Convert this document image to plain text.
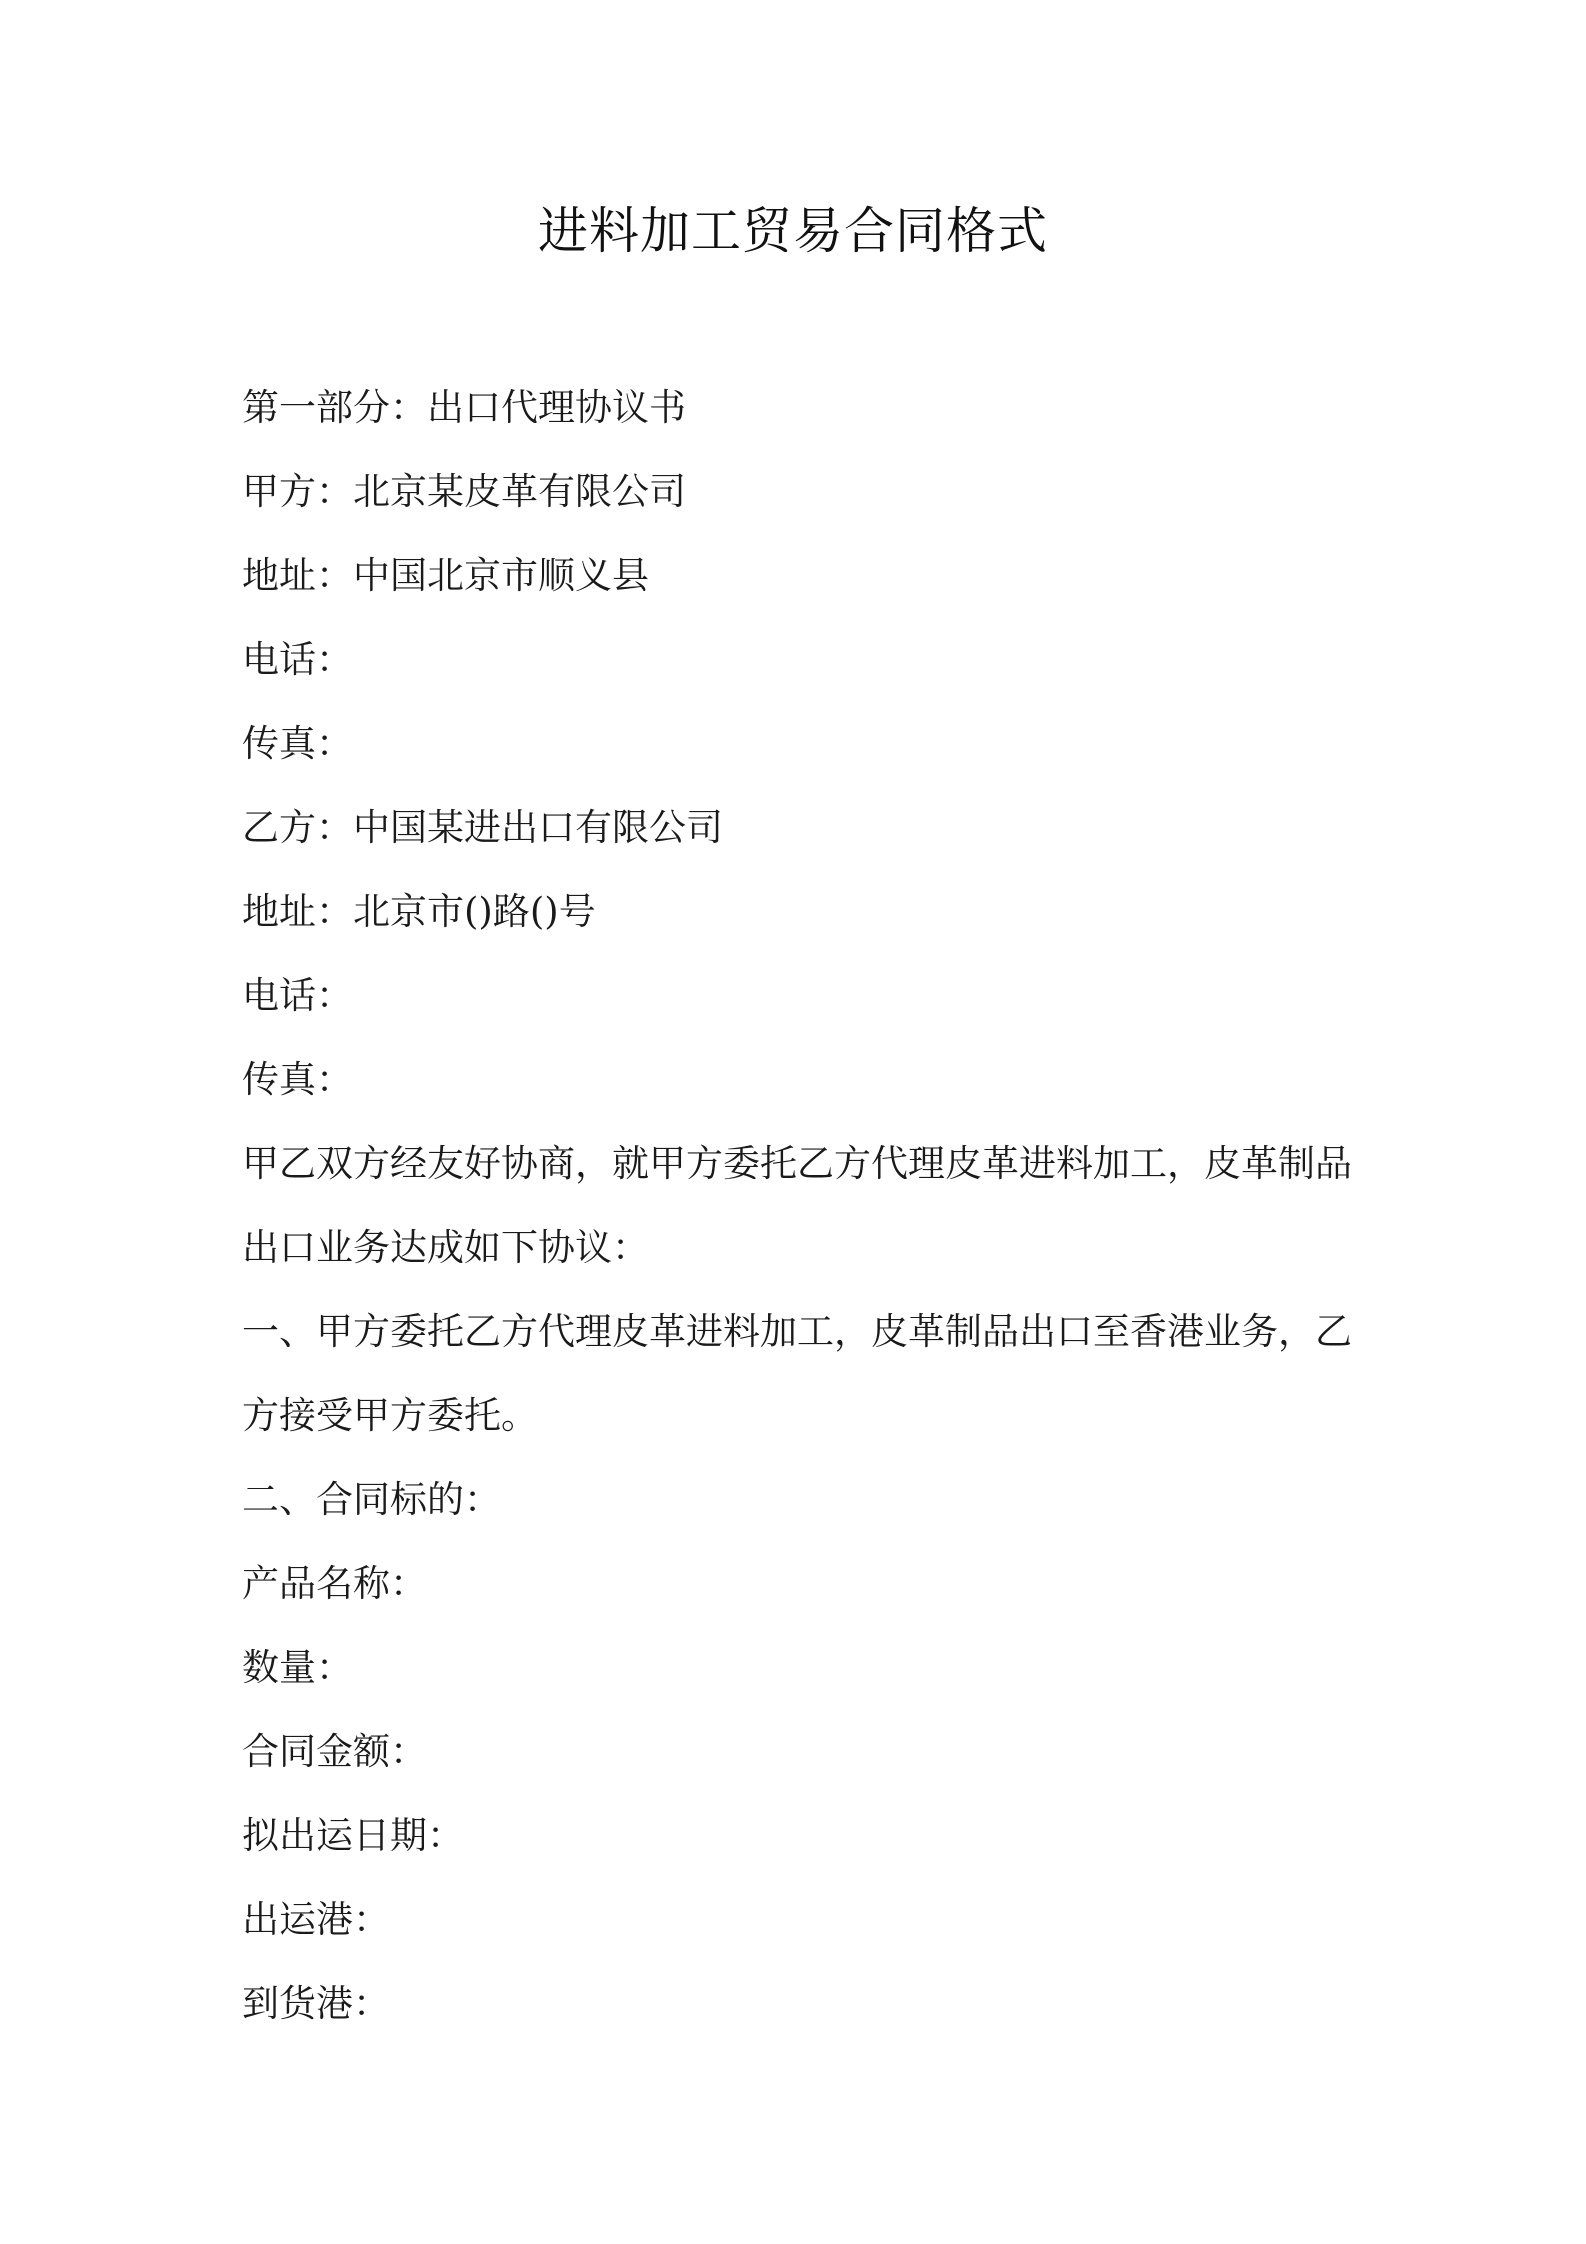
进料加工贸易合同格式
第一部分：出口代理协议书
甲方：北京某皮革有限公司
地址：中国北京市顺义县
电话：
传真：
乙方：中国某进出口有限公司
地址：北京市()路()号
电话：
传真：
甲乙双方经友好协商，就甲方委托乙方代理皮革进料加工，皮革制品
出口业务达成如下协议：
一、甲方委托乙方代理皮革进料加工，皮革制品出口至香港业务，乙
方接受甲方委托。
二、合同标的：
产品名称：
数量：
合同金额：
拟出运日期：
出运港：
到货港：
